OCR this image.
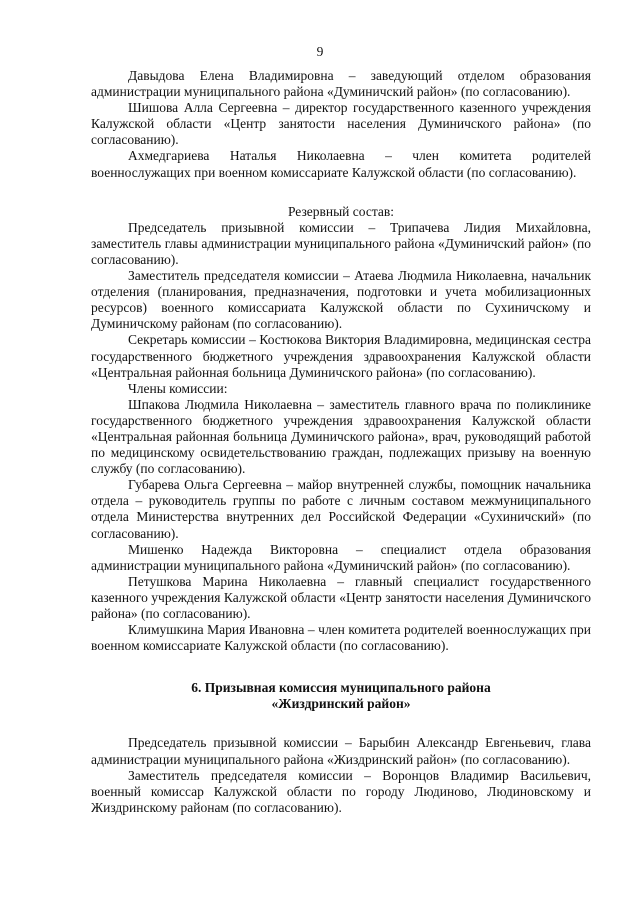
9

Давыдова Елена Владимировна – заведующий отделом образования администрации муниципального района «Думиничский район» (по согласованию).

Шишова Алла Сергеевна – директор государственного казенного учреждения Калужской области «Центр занятости населения Думиничского района» (по согласованию).

Ахмедгариева Наталья Николаевна – член комитета родителей военнослужащих при военном комиссариате Калужской области (по согласованию).

Резервный состав:

Председатель призывной комиссии – Трипачева Лидия Михайловна, заместитель главы администрации муниципального района «Думиничский район» (по согласованию).

Заместитель председателя комиссии – Атаева Людмила Николаевна, начальник отделения (планирования, предназначения, подготовки и учета мобилизационных ресурсов) военного комиссариата Калужской области по Сухиничскому и Думиничскому районам (по согласованию).

Секретарь комиссии – Костюкова Виктория Владимировна, медицинская сестра государственного бюджетного учреждения здравоохранения Калужской области «Центральная районная больница Думиничского района» (по согласованию).

Члены комиссии:

Шпакова Людмила Николаевна – заместитель главного врача по поликлинике государственного бюджетного учреждения здравоохранения Калужской области «Центральная районная больница Думиничского района», врач, руководящий работой по медицинскому освидетельствованию граждан, подлежащих призыву на военную службу (по согласованию).

Губарева Ольга Сергеевна – майор внутренней службы, помощник начальника отдела – руководитель группы по работе с личным составом межмуниципального отдела Министерства внутренних дел Российской Федерации «Сухиничский» (по согласованию).

Мишенко Надежда Викторовна – специалист отдела образования администрации муниципального района «Думиничский район» (по согласованию).

Петушкова Марина Николаевна – главный специалист государственного казенного учреждения Калужской области «Центр занятости населения Думиничского района» (по согласованию).

Климушкина Мария Ивановна – член комитета родителей военнослужащих при военном комиссариате Калужской области (по согласованию).

6. Призывная комиссия муниципального района
«Жиздринский район»

Председатель призывной комиссии – Барыбин Александр Евгеньевич, глава администрации муниципального района «Жиздринский район» (по согласованию).

Заместитель председателя комиссии – Воронцов Владимир Васильевич, военный комиссар Калужской области по городу Людиново, Людиновскому и Жиздринскому районам (по согласованию).
